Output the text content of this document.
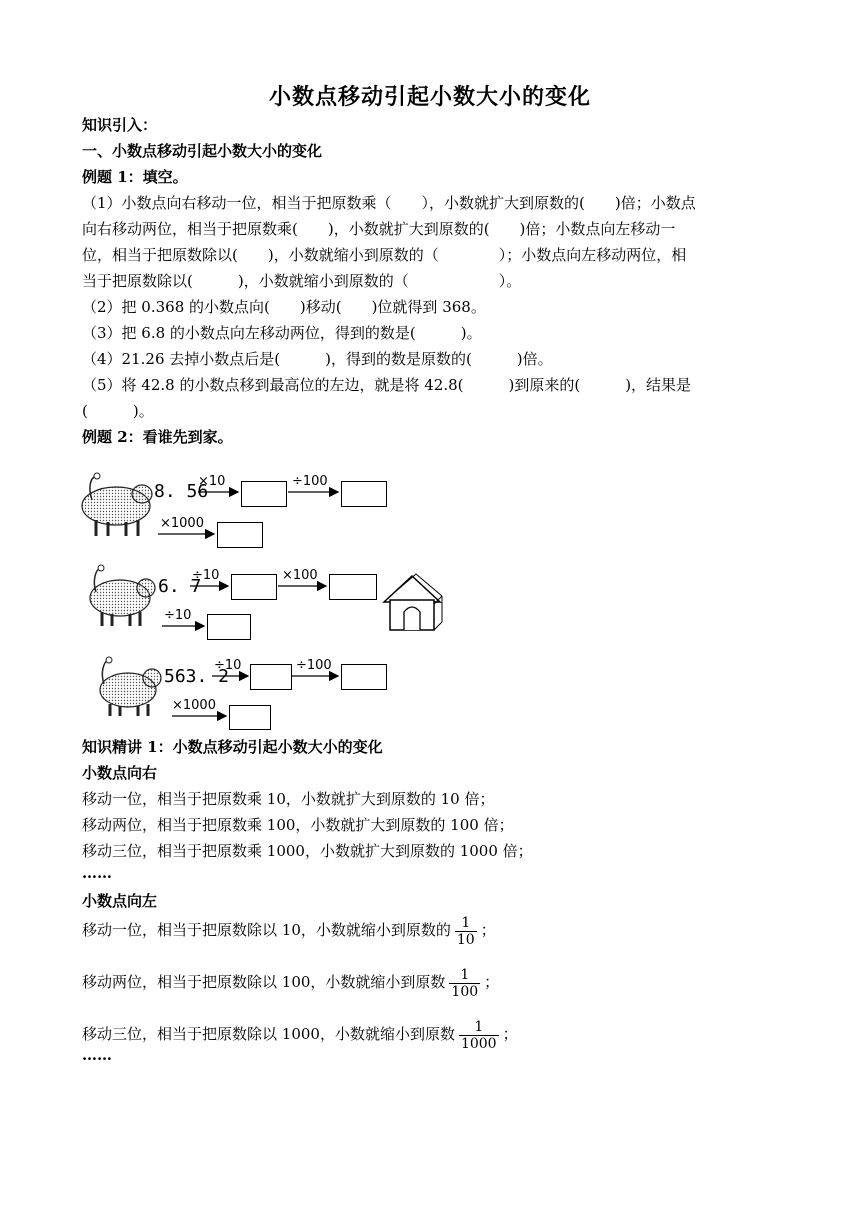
小数点移动引起小数大小的变化
知识引入：
一、小数点移动引起小数大小的变化
例题 1：填空。
（1）小数点向右移动一位，相当于把原数乘（　　），小数就扩大到原数的(　　)倍；小数点
向右移动两位，相当于把原数乘(　　)，小数就扩大到原数的(　　)倍；小数点向左移动一
位，相当于把原数除以(　　)，小数就缩小到原数的（　　　　）；小数点向左移动两位，相
当于把原数除以(　　　)，小数就缩小到原数的（　　　　　　）。
（2）把 0.368 的小数点向(　　)移动(　　)位就得到 368。
（3）把 6.8 的小数点向左移动两位，得到的数是(　　　)。
（4）21.26 去掉小数点后是(　　　)，得到的数是原数的(　　　)倍。
（5）将 42.8 的小数点移到最高位的左边，就是将 42.8(　　　)到原来的(　　　)，结果是
(　　　)。
例题 2：看谁先到家。
8. 56
×10	÷100
×1000
6. 7
÷10	×100
÷10
563. 2
÷10	÷100
×1000
知识精讲 1：小数点移动引起小数大小的变化
小数点向右
移动一位，相当于把原数乘 10，小数就扩大到原数的 10 倍；
移动两位，相当于把原数乘 100，小数就扩大到原数的 100 倍；
移动三位，相当于把原数乘 1000，小数就扩大到原数的 1000 倍；
……
小数点向左
移动一位，相当于把原数除以 10，小数就缩小到原数的 $\frac{1}{10}$ ；
移动两位，相当于把原数除以 100，小数就缩小到原数 $\frac{1}{100}$ ；
移动三位，相当于把原数除以 1000，小数就缩小到原数 $\frac{1}{1000}$ ；
……
